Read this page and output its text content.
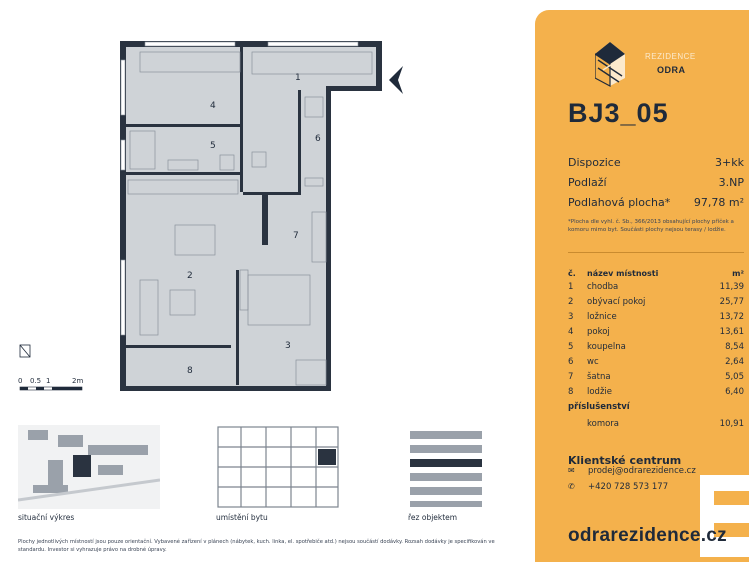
1
2
3
4
5
6
7
8
0 0.5 1	2m
situační výkres	umístění bytu	řez objektem
Plochy jednotlivých místností jsou pouze orientační. Vybavené zařízení v plánech (nábytek, kuch. linka, el. spotřebiče atd.) nejsou součástí dodávky. Rozsah dodávky je specifikován ve standardu. Investor si vyhrazuje právo na drobné úpravy.
REZIDENCE
ODRA
BJ3_05
Dispozice	3+kk
Podlaží	3.NP
Podlahová plocha* 97,78 m²
*Plocha dle vyhl. č. Sb., 366/2013 obsahující plochy příček a komoru mimo byt. Součásti plochy nejsou terasy / lodžie.
č. název místnosti	m²
1 chodba	11,39
2 obývací pokoj	25,77
3 ložnice	13,72
4 pokoj	13,61
5 koupelna	8,54
6 wc	2,64
7 šatna	5,05
8 lodžie	6,40
příslušenství
komora	10,91
Klientské centrum
✉ prodej@odrarezidence.cz
✆ +420 728 573 177
odrarezidence.cz
